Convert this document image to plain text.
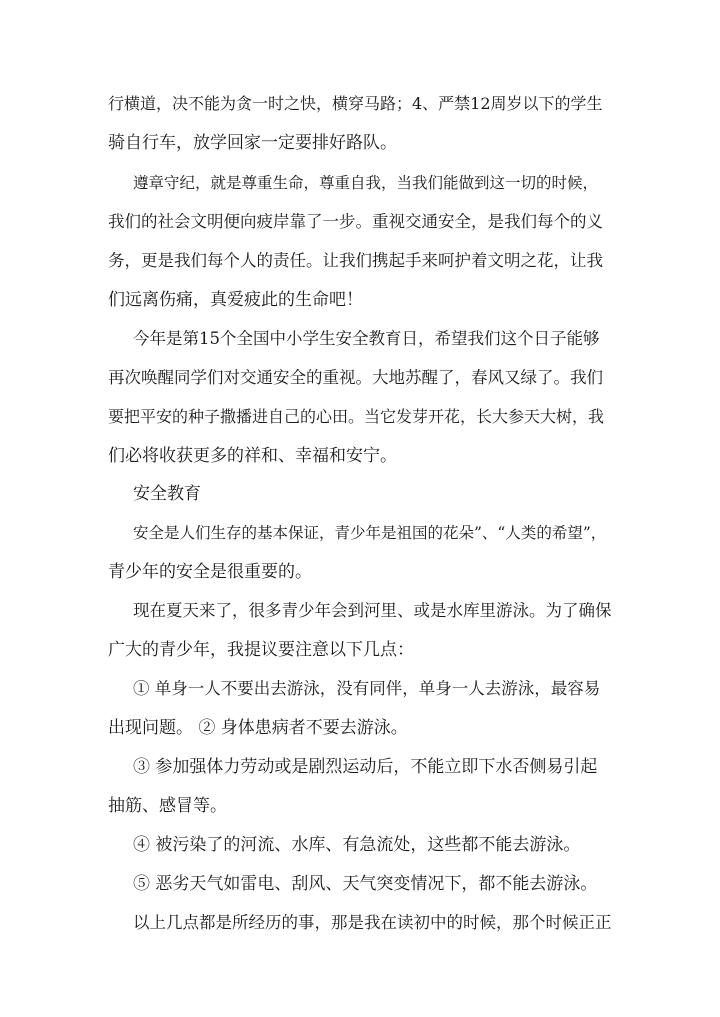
行横道，决不能为贪一时之快，横穿马路；4、严禁12周岁以下的学生
骑自行车，放学回家一定要排好路队。
遵章守纪，就是尊重生命，尊重自我，当我们能做到这一切的时候，
我们的社会文明便向疲岸靠了一步。重视交通安全，是我们每个的义
务，更是我们每个人的责任。让我们携起手来呵护着文明之花，让我
们远离伤痛，真爱疲此的生命吧！
今年是第15个全国中小学生安全教育日，希望我们这个日子能够
再次唤醒同学们对交通安全的重视。大地苏醒了，春风又绿了。我们
要把平安的种子撒播进自己的心田。当它发芽开花，长大参天大树，我
们必将收获更多的祥和、幸福和安宁。
安全教育
安全是人们生存的基本保证，青少年是祖国的花朵”、“人类的希望”，
青少年的安全是很重要的。
现在夏天来了，很多青少年会到河里、或是水库里游泳。为了确保
广大的青少年，我提议要注意以下几点：
① 单身一人不要出去游泳，没有同伴，单身一人去游泳，最容易
出现问题。 ② 身体患病者不要去游泳。
③ 参加强体力劳动或是剧烈运动后，不能立即下水否侧易引起
抽筋、感冒等。
④ 被污染了的河流、水库、有急流处，这些都不能去游泳。
⑤ 恶劣天气如雷电、刮风、天气突变情况下，都不能去游泳。
以上几点都是所经历的事，那是我在读初中的时候，那个时候正正
